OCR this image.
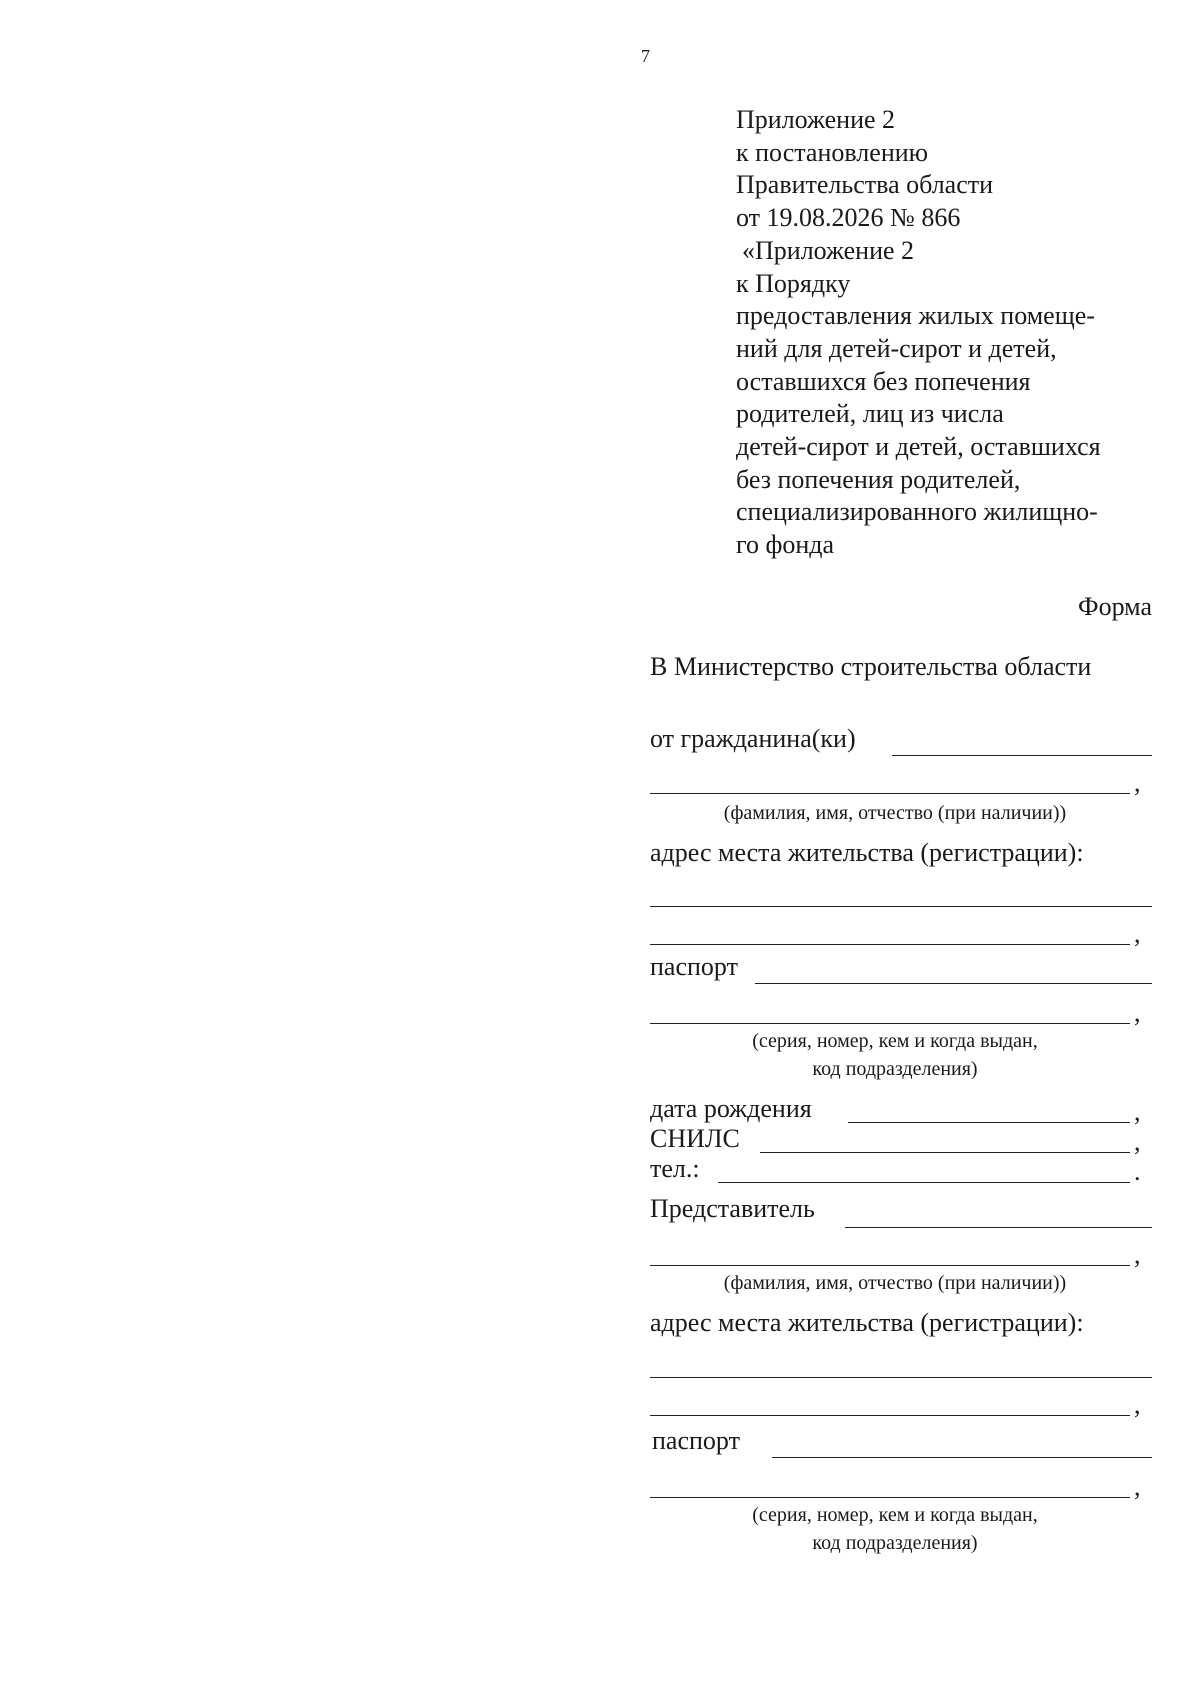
7
Приложение 2
к постановлению
Правительства области
от 19.08.2026 № 866
«Приложение 2
к Порядку
предоставления жилых помеще-
ний для детей-сирот и детей,
оставшихся без попечения
родителей, лиц из числа
детей-сирот и детей, оставшихся
без попечения родителей,
специализированного жилищно-
го фонда
Форма
В Министерство строительства области
от гражданина(ки)
,
(фамилия, имя, отчество (при наличии))
адрес места жительства (регистрации):
,
паспорт
,
(серия, номер, кем и когда выдан,
код подразделения)
дата рождения	,
СНИЛС	,
тел.:	.
Представитель
,
(фамилия, имя, отчество (при наличии))
адрес места жительства (регистрации):
,
паспорт
,
(серия, номер, кем и когда выдан,
код подразделения)
